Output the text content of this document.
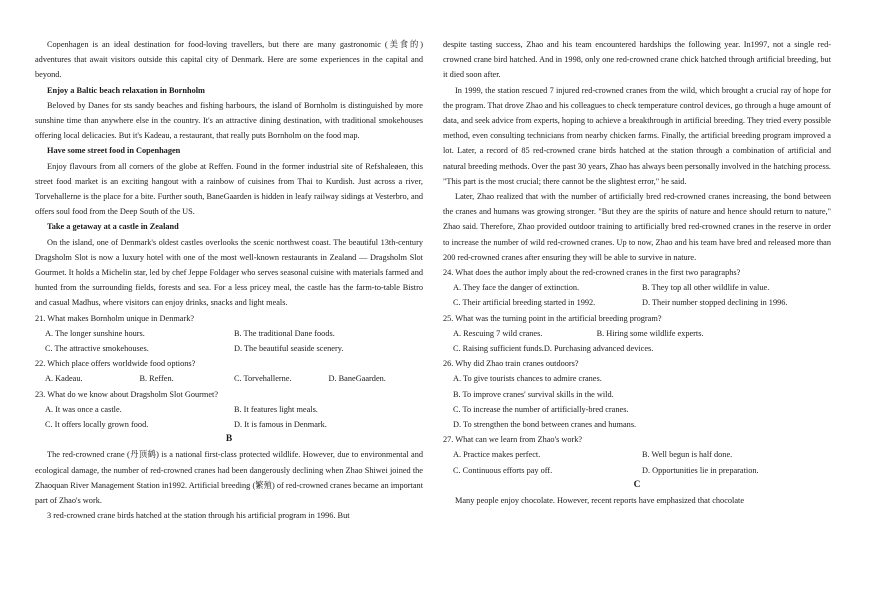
Copenhagen is an ideal destination for food-loving travellers, but there are many gastronomic (美食的) adventures that await visitors outside this capital city of Denmark. Here are some experiences in the capital and beyond.

Enjoy a Baltic beach relaxation in Bornholm

Beloved by Danes for sts sandy beaches and fishing harbours, the island of Bornholm is distinguished by more sunshine time than anywhere else in the country. It's an attractive dining destination, with traditional smokehouses offering local delicacies. But it's Kadeau, a restaurant, that really puts Bornholm on the food map.

Have some street food in Copenhagen

Enjoy flavours from all corners of the globe at Reffen. Found in the former industrial site of Refshaleøen, this street food market is an exciting hangout with a rainbow of cuisines from Thai to Kurdish. Just across a river, Torvehallerne is the place for a bite. Further south, BaneGaarden is hidden in leafy railway sidings at Vesterbro, and offers soul food from the Deep South of the US.

Take a getaway at a castle in Zealand

On the island, one of Denmark's oldest castles overlooks the scenic northwest coast. The beautiful 13th-century Dragsholm Slot is now a luxury hotel with one of the most well-known restaurants in Zealand — Dragsholm Slot Gourmet. It holds a Michelin star, led by chef Jeppe Foldager who serves seasonal cuisine with materials farmed and hunted from the surrounding fields, forests and sea. For a less pricey meal, the castle has the farm-to-table Bistro and casual Madhus, where visitors can enjoy drinks, snacks and light meals.

21. What makes Bornholm unique in Denmark?

A. The longer sunshine hours.	B. The traditional Dane foods.
C. The attractive smokehouses.	D. The beautiful seaside scenery.

22. Which place offers worldwide food options?

A. Kadeau.	B. Reffen.	C. Torvehallerne.	D. BaneGaarden.

23. What do we know about Dragsholm Slot Gourmet?

A. It was once a castle.	B. It features light meals.
C. It offers locally grown food.	D. It is famous in Denmark.

B

The red-crowned crane (丹顶鹤) is a national first-class protected wildlife. However, due to environmental and ecological damage, the number of red-crowned cranes had been dangerously declining when Zhao Shiwei joined the Zhaoquan River Management Station in1992. Artificial breeding (繁殖) of red-crowned cranes became an important part of Zhao's work.

3 red-crowned crane birds hatched at the station through his artificial program in 1996. But

despite tasting success, Zhao and his team encountered hardships the following year. In1997, not a single red-crowned crane bird hatched. And in 1998, only one red-crowned crane chick hatched through artificial breeding, but it died soon after.

In 1999, the station rescued 7 injured red-crowned cranes from the wild, which brought a crucial ray of hope for the program. That drove Zhao and his colleagues to check temperature control devices, go through a huge amount of data, and seek advice from experts, hoping to achieve a breakthrough in artificial breeding. They tried every possible method, even consulting technicians from nearby chicken farms. Finally, the artificial breeding program improved a lot. Later, a record of 85 red-crowned crane birds hatched at the station through a combination of artificial and natural breeding methods. Over the past 30 years, Zhao has always been personally involved in the hatching process. "This part is the most crucial; there cannot be the slightest error," he said.

Later, Zhao realized that with the number of artificially bred red-crowned cranes increasing, the bond between the cranes and humans was growing stronger. "But they are the spirits of nature and hence should return to nature," Zhao said. Therefore, Zhao provided outdoor training to artificially bred red-crowned cranes in the reserve in order to increase the number of wild red-crowned cranes. Up to now, Zhao and his team have bred and released more than 200 red-crowned cranes after ensuring they will be able to survive in nature.

24. What does the author imply about the red-crowned cranes in the first two paragraphs?

A. They face the danger of extinction.	B. They top all other wildlife in value.
C. Their artificial breeding started in 1992.	D. Their number stopped declining in 1996.

25. What was the turning point in the artificial breeding program?

A. Rescuing 7 wild cranes.	B. Hiring some wildlife experts.
C. Raising sufficient funds. D. Purchasing advanced devices.

26. Why did Zhao train cranes outdoors?

A. To give tourists chances to admire cranes.
B. To improve cranes' survival skills in the wild.
C. To increase the number of artificially-bred cranes.
D. To strengthen the bond between cranes and humans.

27. What can we learn from Zhao's work?

A. Practice makes perfect.	B. Well begun is half done.
C. Continuous efforts pay off.	D. Opportunities lie in preparation.

C

Many people enjoy chocolate. However, recent reports have emphasized that chocolate
